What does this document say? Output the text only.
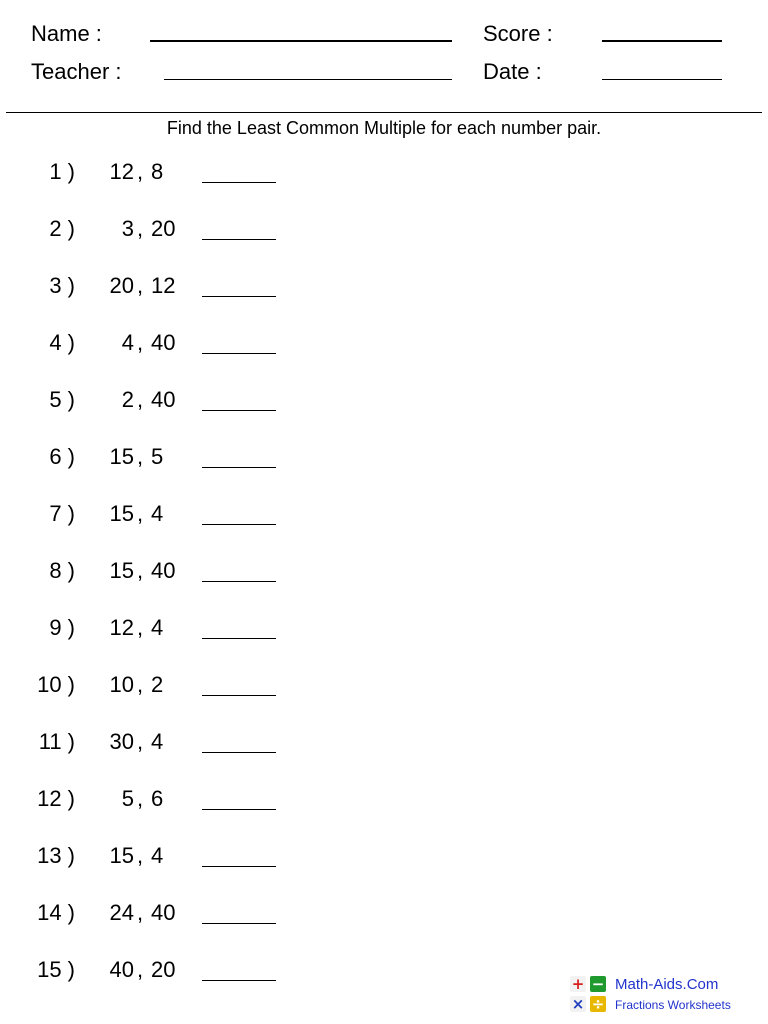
Name :	Score :
Teacher :	Date :
Find the Least Common Multiple for each number pair.
1 )	12 , 8
2 )	3 , 20
3 )	20 , 12
4 )	4 , 40
5 )	2 , 40
6 )	15 , 5
7 )	15 , 4
8 )	15 , 40
9 )	12 , 4
10 )	10 , 2
11 )	30 , 4
12 )	5 , 6
13 )	15 , 4
14 )	24 , 40
15 )	40 , 20
+ −
× ÷
Math-Aids.Com
Fractions Worksheets
